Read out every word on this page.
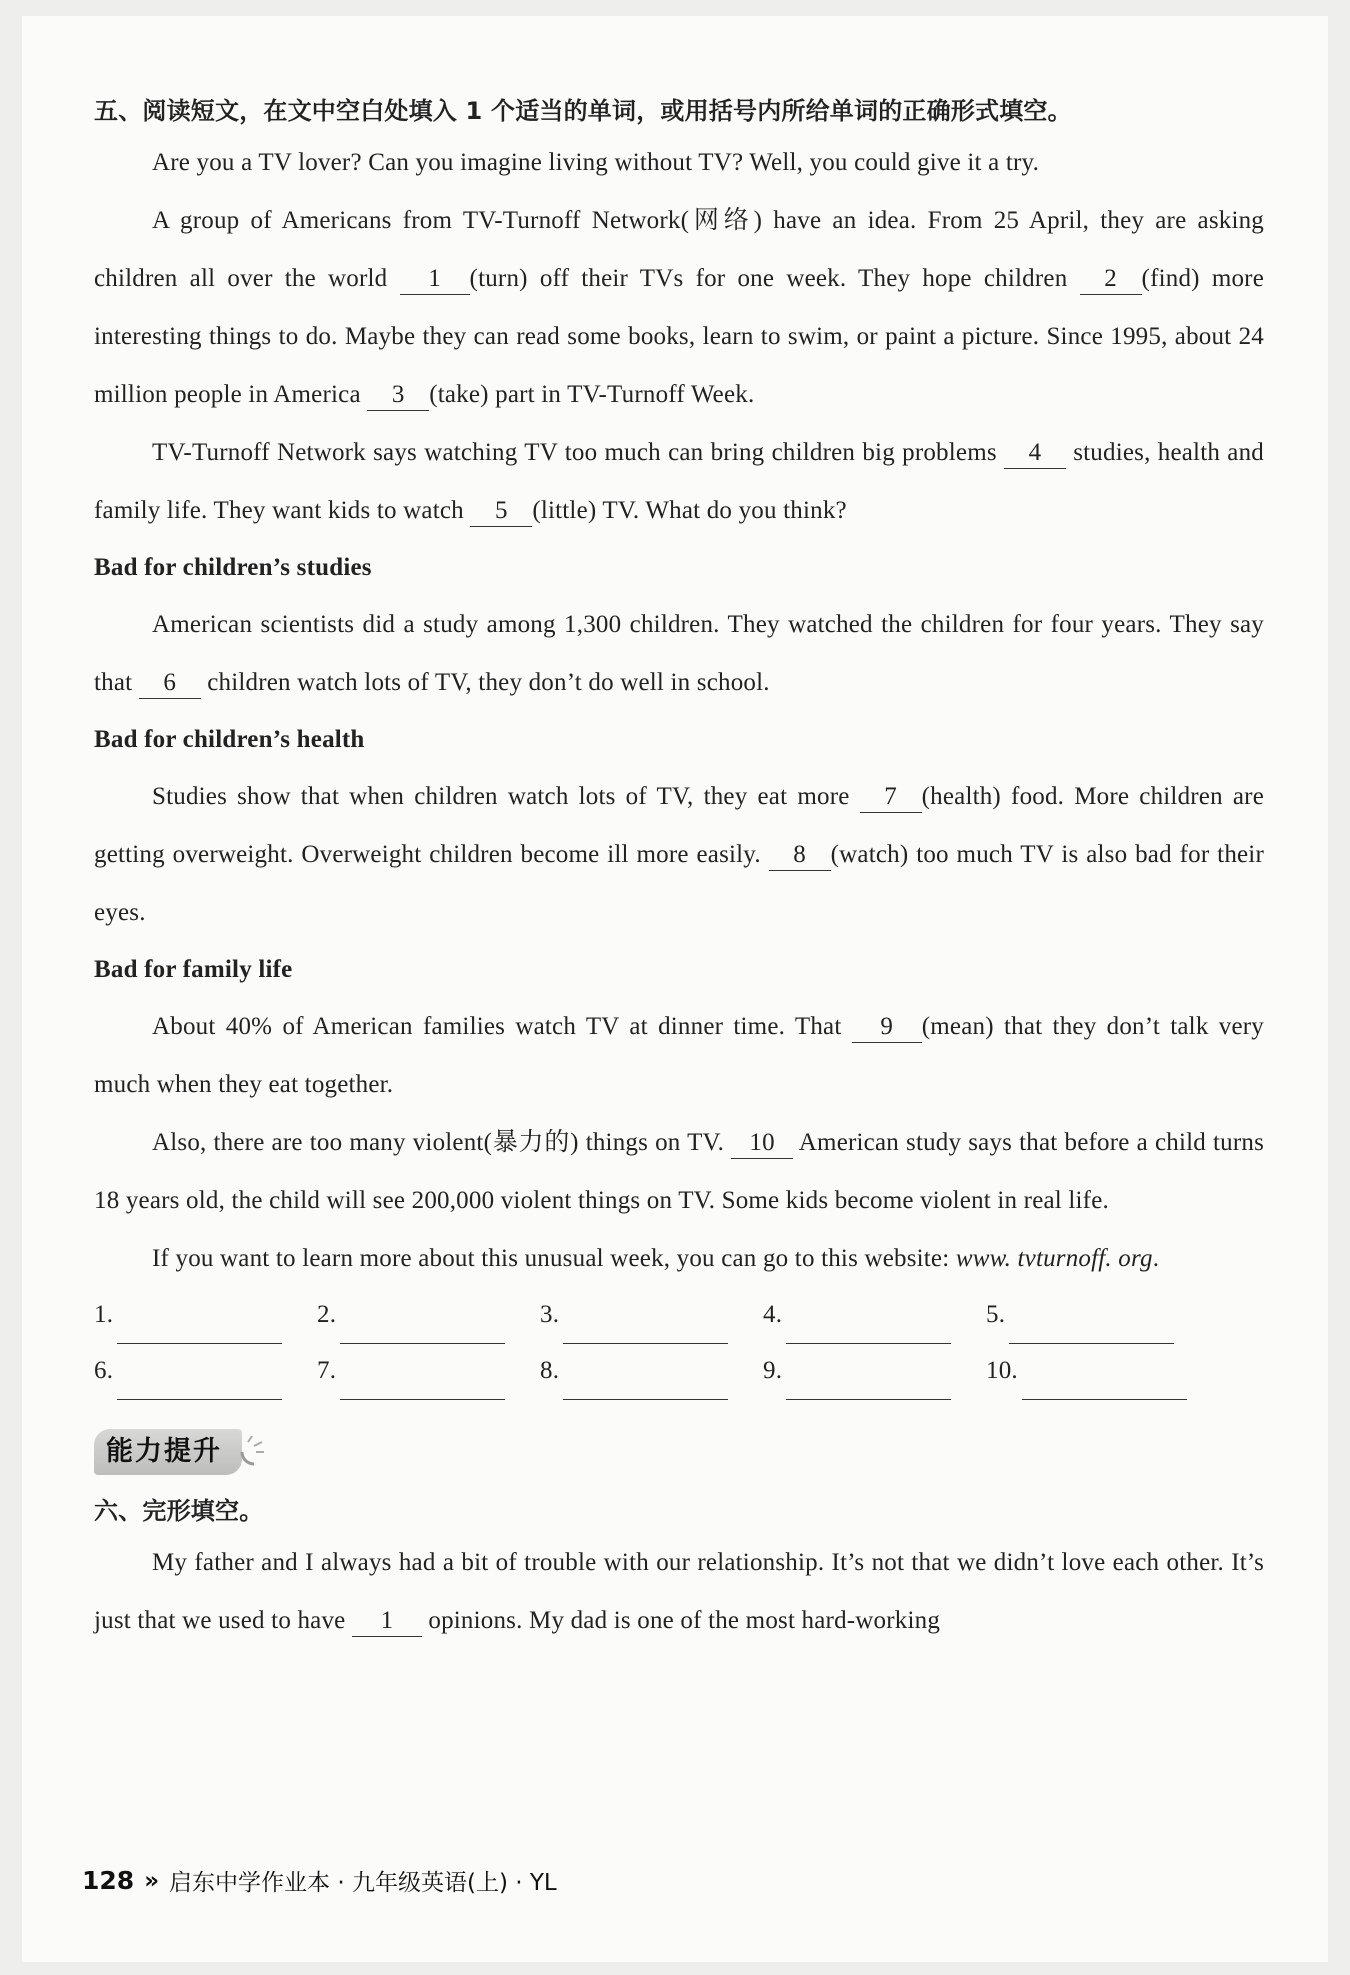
五、阅读短文，在文中空白处填入 1 个适当的单词，或用括号内所给单词的正确形式填空。

Are you a TV lover? Can you imagine living without TV? Well, you could give it a try.

A group of Americans from TV-Turnoff Network(网络) have an idea. From 25 April, they are asking children all over the world 1 (turn) off their TVs for one week. They hope children 2 (find) more interesting things to do. Maybe they can read some books, learn to swim, or paint a picture. Since 1995, about 24 million people in America 3 (take) part in TV-Turnoff Week.

TV-Turnoff Network says watching TV too much can bring children big problems 4 studies, health and family life. They want kids to watch 5 (little) TV. What do you think?

Bad for children’s studies

American scientists did a study among 1,300 children. They watched the children for four years. They say that 6 children watch lots of TV, they don’t do well in school.

Bad for children’s health

Studies show that when children watch lots of TV, they eat more 7 (health) food. More children are getting overweight. Overweight children become ill more easily. 8 (watch) too much TV is also bad for their eyes.

Bad for family life

About 40% of American families watch TV at dinner time. That 9 (mean) that they don’t talk very much when they eat together.

Also, there are too many violent(暴力的) things on TV. 10 American study says that before a child turns 18 years old, the child will see 200,000 violent things on TV. Some kids become violent in real life.

If you want to learn more about this unusual week, you can go to this website: www. tvturnoff. org.

1.	2.	3.	4.	5.
6.	7.	8.	9.	10.
能力提升

六、完形填空。

My father and I always had a bit of trouble with our relationship. It’s not that we didn’t love each other. It’s just that we used to have 1 opinions. My dad is one of the most hard-working

128 » 启东中学作业本 · 九年级英语(上) · YL
